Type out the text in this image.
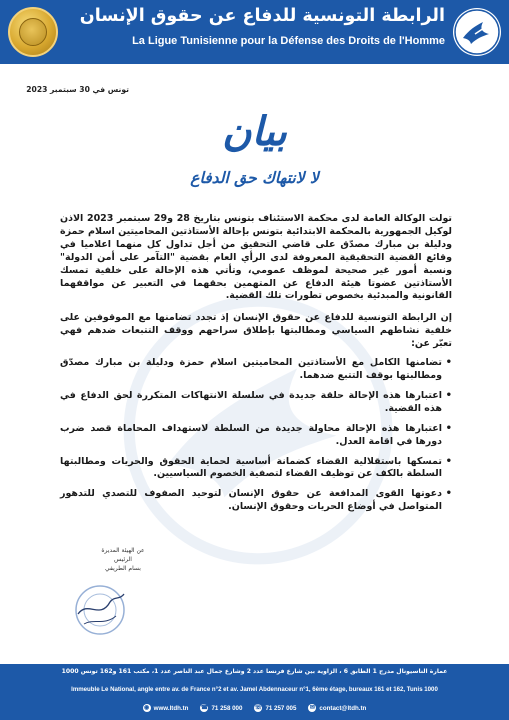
الرابطة التونسية للدفاع عن حقوق الإنسان
La Ligue Tunisienne pour la Défense des Droits de l'Homme
تونس في 30 سبتمبر 2023
بيان
لا لانتهاك حق الدفاع

تولت الوكالة العامة لدى محكمة الاستئناف بتونس بتاريخ 28 و29 سبتمبر 2023 الاذن لوكيل الجمهورية بالمحكمة الابتدائية بتونس بإحالة الأستاذتين المحاميتين اسلام حمزة ودليلة بن مبارك مصدّق على قاضي التحقيق من أجل تداول كل منهما اعلاميا في وقائع القضية التحقيقية المعروفة لدى الرأي العام بقضية "التآمر على أمن الدولة" ونسبة أمور غير صحيحة لموظف عمومي، وتأتي هذه الإحالة على خلفية تمسك الأستاذتين عضوتا هيئة الدفاع عن المتهمين بحقهما في التعبير عن مواقفهما القانونية والمبدئية بخصوص تطورات تلك القضية.

إن الرابطة التونسية للدفاع عن حقوق الإنسان إذ تجدد تضامنها مع الموقوفين على خلفية نشاطهم السياسي ومطالبتها بإطلاق سراحهم ووقف التتبعات ضدهم فهي تعبّر عن:

• تضامنها الكامل مع الأستاذتين المحاميتين اسلام حمزة ودليلة بن مبارك مصدّق ومطالبتها بوقف التتبع ضدهما.
• اعتبارها هذه الإحالة حلقة جديدة في سلسلة الانتهاكات المتكررة لحق الدفاع في هذه القضية.
• اعتبارها هذه الإحالة محاولة جديدة من السلطة لاستهداف المحاماة قصد ضرب دورها في اقامة العدل.
• تمسكها باستقلالية القضاء كضمانة أساسية لحماية الحقوق والحريات ومطالبتها السلطة بالكف عن توظيف القضاء لتصفية الخصوم السياسيين.
• دعوتها القوى المدافعة عن حقوق الإنسان لتوحيد الصفوف للتصدي للتدهور المتواصل في أوضاع الحريات وحقوق الإنسان.
عن الهيئة المديرة
الرئيس
بسام الطريفي
عمارة الناسيونال مدرج 1 الطابق 6 ، الزاوية بين شارع فرنسا عدد 2 وشارع جمال عبد الناصر عدد 1، مكتب 161 و162 تونس 1000
Immeuble Le National, angle entre av. de France n°2 et av. Jamel Abdennaceur n°1, 6ème étage, bureaux 161 et 162, Tunis 1000
◉ www.ltdh.tn ☎ 71 258 000 ☏ 71 257 005 ✉ contact@ltdh.tn
